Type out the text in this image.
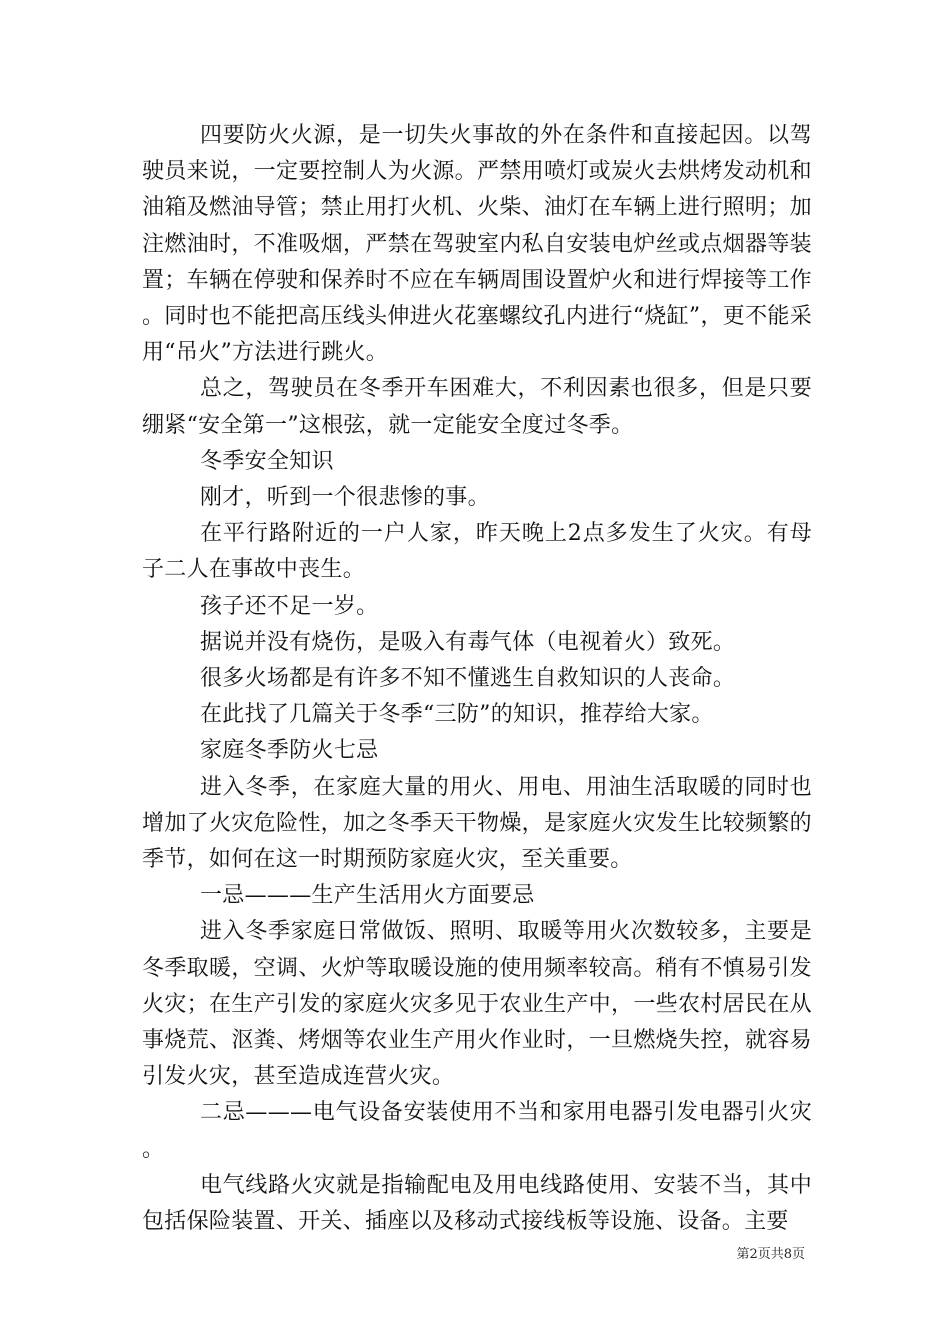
四要防火火源，是一切失火事故的外在条件和直接起因。以驾驶员来说，一定要控制人为火源。严禁用喷灯或炭火去烘烤发动机和油箱及燃油导管；禁止用打火机、火柴、油灯在车辆上进行照明；加注燃油时，不准吸烟，严禁在驾驶室内私自安装电炉丝或点烟器等装置；车辆在停驶和保养时不应在车辆周围设置炉火和进行焊接等工作。同时也不能把高压线头伸进火花塞螺纹孔内进行“烧缸”，更不能采用“吊火”方法进行跳火。

总之，驾驶员在冬季开车困难大，不利因素也很多，但是只要绷紧“安全第一”这根弦，就一定能安全度过冬季。

冬季安全知识

刚才，听到一个很悲惨的事。

在平行路附近的一户人家，昨天晚上2点多发生了火灾。有母子二人在事故中丧生。

孩子还不足一岁。

据说并没有烧伤，是吸入有毒气体（电视着火）致死。

很多火场都是有许多不知不懂逃生自救知识的人丧命。

在此找了几篇关于冬季“三防”的知识，推荐给大家。

家庭冬季防火七忌

进入冬季，在家庭大量的用火、用电、用油生活取暖的同时也增加了火灾危险性，加之冬季天干物燥，是家庭火灾发生比较频繁的季节，如何在这一时期预防家庭火灾，至关重要。

一忌———生产生活用火方面要忌

进入冬季家庭日常做饭、照明、取暖等用火次数较多，主要是冬季取暖，空调、火炉等取暖设施的使用频率较高。稍有不慎易引发火灾；在生产引发的家庭火灾多见于农业生产中，一些农村居民在从事烧荒、沤粪、烤烟等农业生产用火作业时，一旦燃烧失控，就容易引发火灾，甚至造成连营火灾。

二忌———电气设备安装使用不当和家用电器引发电器引火灾。

电气线路火灾就是指输配电及用电线路使用、安装不当，其中包括保险装置、开关、插座以及移动式接线板等设施、设备。主要

第2页共8页
